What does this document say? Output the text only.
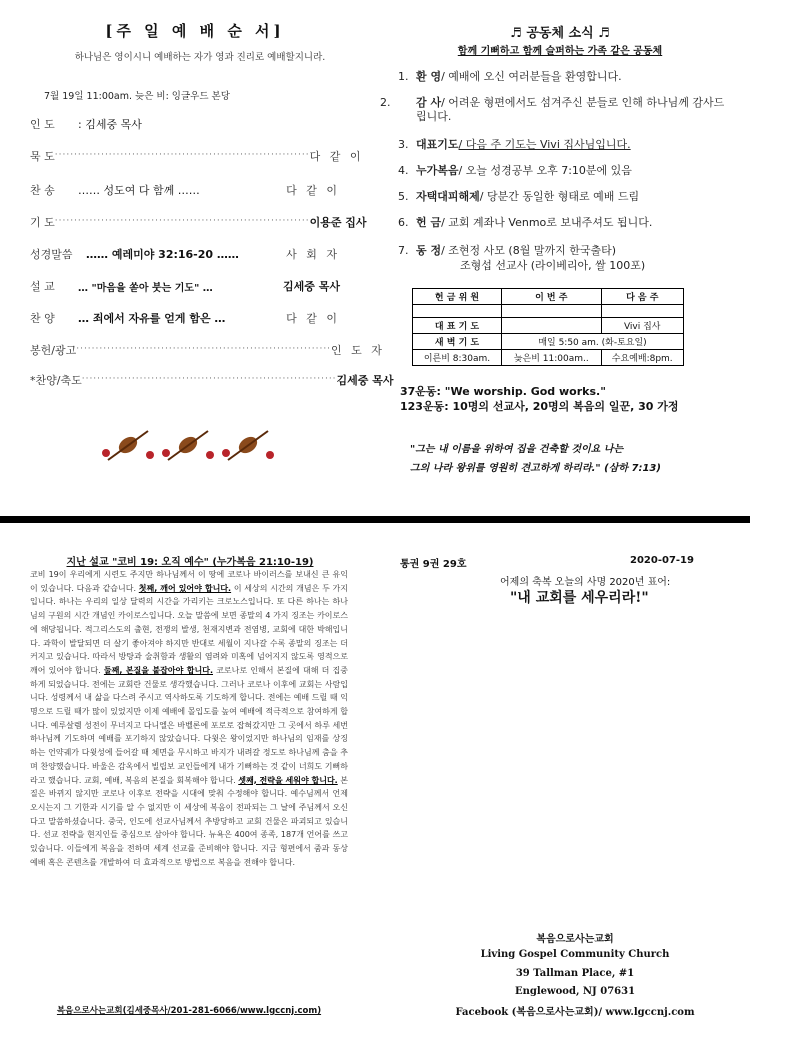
[주 일 예 배 순 서]
하나님은 영이시니 예배하는 자가 영과 진리로 예배할지니라.
7월 19일 11:00am. 늦은 비: 잉글우드 본당
인 도	: 김세중 목사
묵 도 ·································································· 다 같 이
찬 송	…… 성도여 다 함께 ……	다 같 이
기 도 ·································································· 이용준 집사
성경말씀	…… 예레미야 32:16-20 ……	사 회 자
설 교	… "마음을 쏟아 붓는 기도" …	김세중 목사
찬 양	… 죄에서 자유를 얻게 함은 …	다 같 이
봉헌/광고 ·································································· 인 도 자
*찬양/축도 ·································································· 김세중 목사
♬ 공동체 소식 ♬
함께 기뻐하고 함께 슬퍼하는 가족 같은 공동체
1. 환 영/ 예배에 오신 여러분들을 환영합니다.
2. 감 사/ 어려운 형편에서도 섬겨주신 분들로 인해 하나님께 감사드립니다.
3. 대표기도/ 다음 주 기도는 Vivi 집사님입니다.
4. 누가복음/ 오늘 성경공부 오후 7:10분에 있음
5. 자택대피해제/ 당분간 동일한 형태로 예배 드림
6. 헌 금/ 교회 계좌나 Venmo로 보내주셔도 됩니다.
7. 동 정/ 조현정 사모 (8월 말까지 한국출타)
조형섭 선교사 (라이베리아, 쌀 100포)
헌 금 위 원	이 번 주	다 음 주

대 표 기 도		Vivi 집사
새 벽 기 도	매일 5:50 am. (화-토요일)	
이른비 8:30am.	늦은비 11:00am..	수요예배:8pm.
37운동: "We worship. God works."
123운동: 10명의 선교사, 20명의 복음의 일꾼, 30 가정
"그는 내 이름을 위하여 집을 건축할 것이요 나는
그의 나라 왕위를 영원히 견고하게 하리라." (삼하 7:13)
지난 설교 "코비 19: 오직 예수" (누가복음 21:10-19)
코비 19이 우리에게 시련도 주지만 하나님께서 이 땅에 코로나 바이러스를 보내신 큰 유익이 있습니다. 다음과 같습니다. 첫째, 깨어 있어야 합니다. 이 세상의 시간의 개념은 두 가지입니다. 하나는 우리의 일상 달력의 시간을 가리키는 크로노스입니다. 또 다른 하나는 하나님의 구원의 시간 개념인 카이로스입니다. 오늘 말씀에 보면 종말의 4 가지 징조는 카이로스에 해당됩니다. 적그리스도의 출현, 전쟁의 발생, 천재지변과 전염병, 교회에 대한 박해입니다. 과학이 발달되면 더 살기 좋아져야 하지만 반대로 세월이 지나갈 수록 종말의 징조는 더 커지고 있습니다. 따라서 방탕과 술취함과 생활의 염려와 미혹에 넘어지지 않도록 영적으로 깨어 있어야 합니다. 둘째, 본질을 붙잡아야 합니다. 코로나로 인해서 본질에 대해 더 집중하게 되었습니다. 전에는 교회란 건물로 생각했습니다. 그러나 코로나 이후에 교회는 사람입니다. 성령께서 내 삶을 다스려 주시고 역사하도록 기도하게 합니다. 전에는 예배 드릴 때 익명으로 드릴 때가 많이 있었지만 이제 예배에 몰입도를 높여 예배에 적극적으로 참여하게 합니다. 예루살렘 성전이 무너지고 다니엘은 바벨론에 포로로 잡혀갔지만 그 곳에서 하루 세번 하나님께 기도하며 예배를 포기하지 않았습니다. 다윗은 왕이었지만 하나님의 임재를 상징하는 언약궤가 다윗성에 들어갈 때 체면을 무시하고 바지가 내려갈 정도로 하나님께 춤을 추며 찬양했습니다. 바울은 감옥에서 빌립보 교인들에게 내가 기뻐하는 것 같이 너희도 기뻐하라고 했습니다. 교회, 예배, 복음의 본질을 회복해야 합니다. 셋째, 전략을 세워야 합니다. 본질은 바뀌지 않지만 코로나 이후로 전략을 시대에 맞춰 수정해야 합니다. 예수님께서 언제 오시는지 그 기한과 시기를 알 수 없지만 이 세상에 복음이 전파되는 그 날에 주님께서 오신다고 말씀하셨습니다. 중국, 인도에 선교사님께서 추방당하고 교회 건물은 파괴되고 있습니다. 선교 전략을 현지인들 중심으로 삼아야 합니다. 뉴욕은 400여 종족, 187개 언어를 쓰고 있습니다. 이들에게 복음을 전하며 세계 선교를 준비해야 합니다. 지금 형편에서 줌과 동상 예배 혹은 콘텐츠를 개발하여 더 효과적으로 방법으로 복음을 전해야 합니다.
복음으로사는교회(김세중목사/201-281-6066/www.lgccnj.com)
통권 9권 29호	2020-07-19
어제의 축복 오늘의 사명 2020년 표어:
"내 교회를 세우리라!"
복음으로사는교회
Living Gospel Community Church
39 Tallman Place, #1
Englewood, NJ 07631
Facebook (복음으로사는교회)/ www.lgccnj.com
